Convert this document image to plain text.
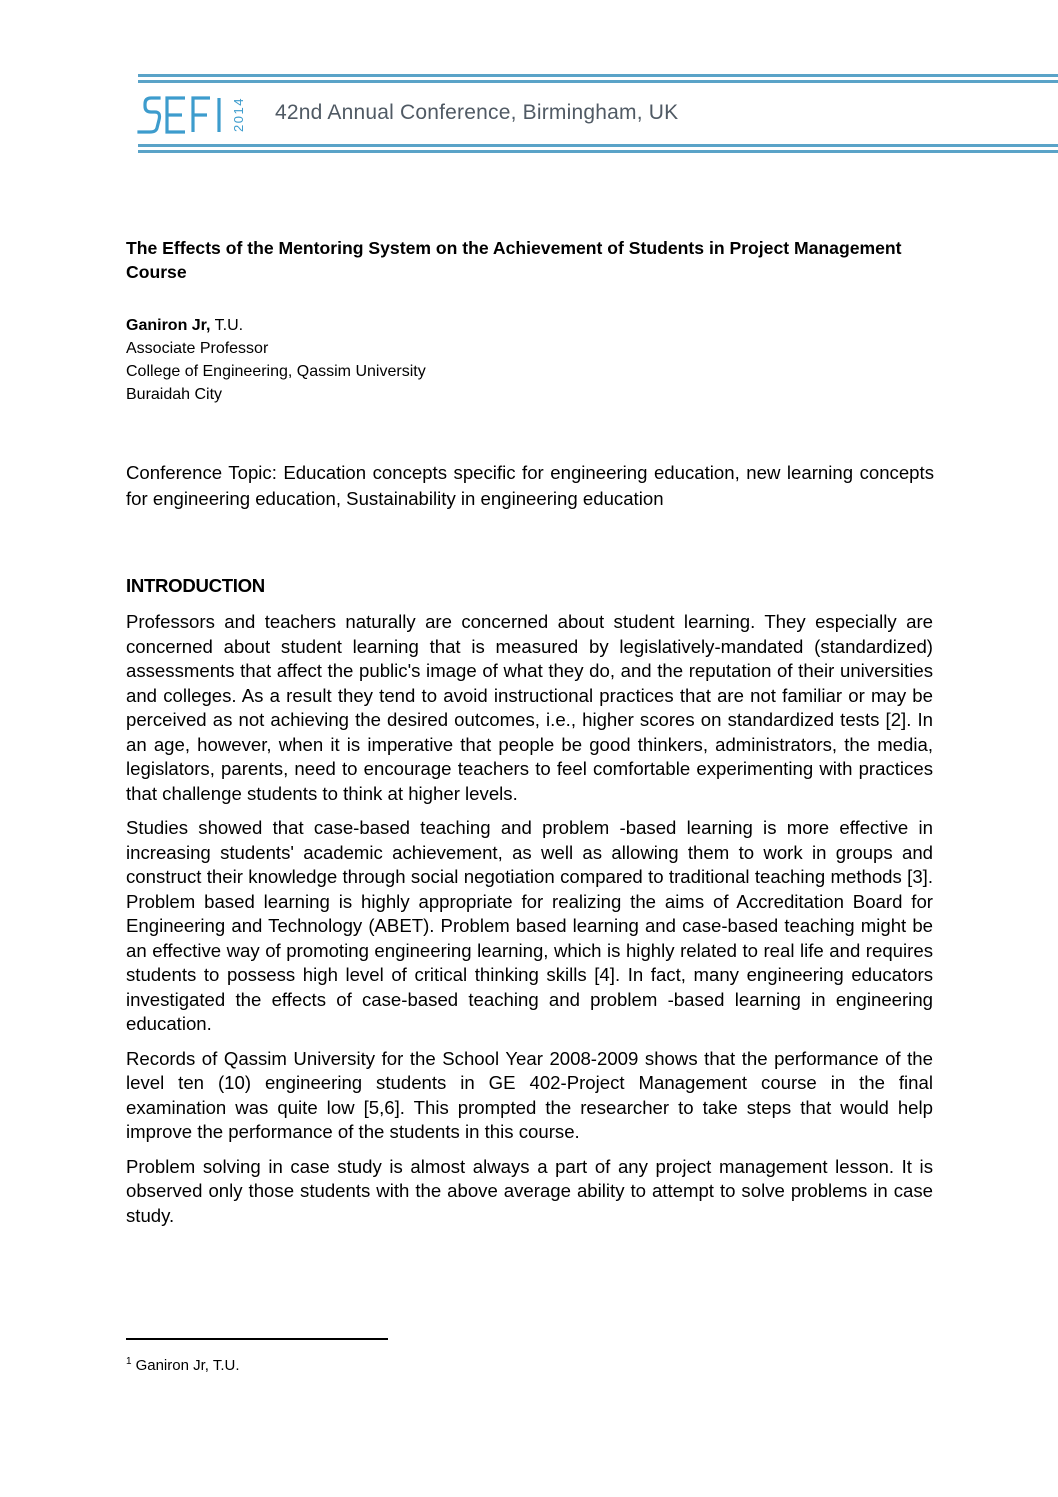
2014 42nd Annual Conference, Birmingham, UK
The Effects of the Mentoring System on the Achievement of Students in Project Management Course
Ganiron Jr, T.U.
Associate Professor
College of Engineering, Qassim University
Buraidah City

Conference Topic: Education concepts specific for engineering education, new learning concepts for engineering education, Sustainability in engineering education

INTRODUCTION

Professors and teachers naturally are concerned about student learning. They especially are concerned about student learning that is measured by legislatively-mandated (standardized) assessments that affect the public's image of what they do, and the reputation of their universities and colleges. As a result they tend to avoid instructional practices that are not familiar or may be perceived as not achieving the desired outcomes, i.e., higher scores on standardized tests [2]. In an age, however, when it is imperative that people be good thinkers, administrators, the media, legislators, parents, need to encourage teachers to feel comfortable experimenting with practices that challenge students to think at higher levels.

Studies showed that case-based teaching and problem -based learning is more effective in increasing students' academic achievement, as well as allowing them to work in groups and construct their knowledge through social negotiation compared to traditional teaching methods [3]. Problem based learning is highly appropriate for realizing the aims of Accreditation Board for Engineering and Technology (ABET). Problem based learning and case-based teaching might be an effective way of promoting engineering learning, which is highly related to real life and requires students to possess high level of critical thinking skills [4]. In fact, many engineering educators investigated the effects of case-based teaching and problem -based learning in engineering education.

Records of Qassim University for the School Year 2008-2009 shows that the performance of the level ten (10) engineering students in GE 402-Project Management course in the final examination was quite low [5,6]. This prompted the researcher to take steps that would help improve the performance of the students in this course.

Problem solving in case study is almost always a part of any project management lesson. It is observed only those students with the above average ability to attempt to solve problems in case study.

$^1$ Ganiron Jr, T.U.
